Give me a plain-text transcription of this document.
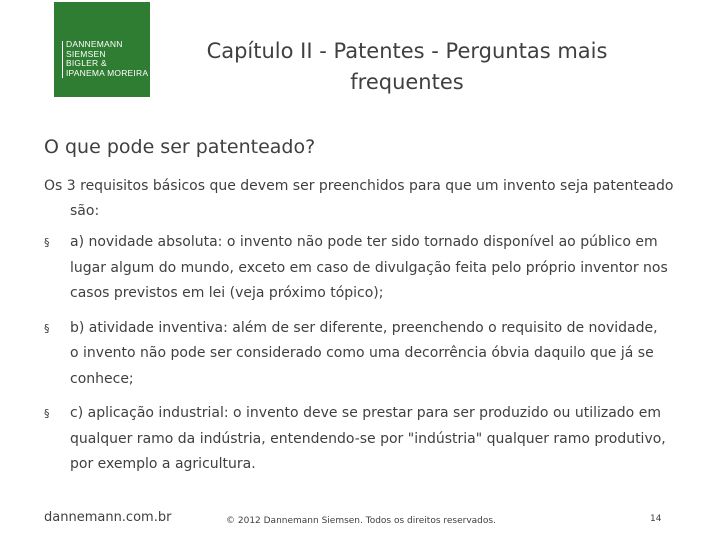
DANNEMANN
SIEMSEN
BIGLER &
IPANEMA MOREIRA
Capítulo II - Patentes - Perguntas mais frequentes
O que pode ser patenteado?
Os 3 requisitos básicos que devem ser preenchidos para que um invento seja patenteado são:
§ a) novidade absoluta: o invento não pode ter sido tornado disponível ao público em lugar algum do mundo, exceto em caso de divulgação feita pelo próprio inventor nos casos previstos em lei (veja próximo tópico);
§ b) atividade inventiva: além de ser diferente, preenchendo o requisito de novidade, o invento não pode ser considerado como uma decorrência óbvia daquilo que já se conhece;
§ c) aplicação industrial: o invento deve se prestar para ser produzido ou utilizado em qualquer ramo da indústria, entendendo-se por "indústria" qualquer ramo produtivo, por exemplo a agricultura.
dannemann.com.br	© 2012 Dannemann Siemsen. Todos os direitos reservados.	14
